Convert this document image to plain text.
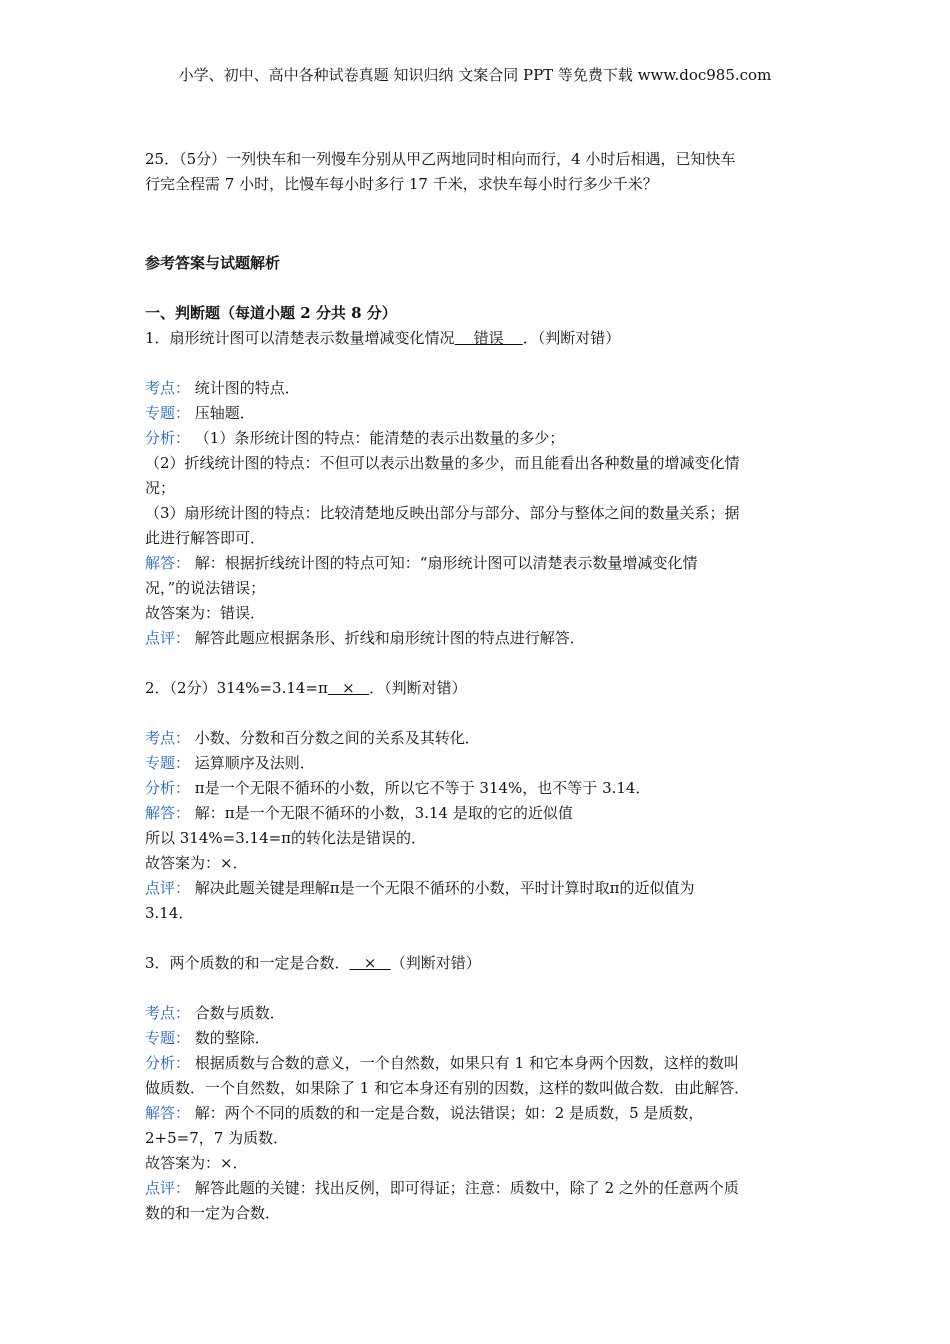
小学、初中、高中各种试卷真题 知识归纳 文案合同 PPT 等免费下载 www.doc985.com

25．（5分）一列快车和一列慢车分别从甲乙两地同时相向而行，4 小时后相遇，已知快车

行完全程需 7 小时，比慢车每小时多行 17 千米，求快车每小时行多少千米？

参考答案与试题解析

一、判断题（每道小题 2 分共 8 分）

1．扇形统计图可以清楚表示数量增减变化情况    错误    ．（判断对错）

考点： 统计图的特点．

专题： 压轴题．

分析： （1）条形统计图的特点：能清楚的表示出数量的多少；

（2）折线统计图的特点：不但可以表示出数量的多少，而且能看出各种数量的增减变化情

况；

（3）扇形统计图的特点：比较清楚地反映出部分与部分、部分与整体之间的数量关系；据

此进行解答即可．

解答： 解：根据折线统计图的特点可知：“扇形统计图可以清楚表示数量增减变化情

况，”的说法错误；

故答案为：错误．

点评： 解答此题应根据条形、折线和扇形统计图的特点进行解答．

2．（2分）314%=3.14=π   ×   ．（判断对错）

考点： 小数、分数和百分数之间的关系及其转化．

专题： 运算顺序及法则．

分析： π是一个无限不循环的小数，所以它不等于 314%，也不等于 3.14．

解答： 解：π是一个无限不循环的小数，3.14 是取的它的近似值

所以 314%=3.14=π的转化法是错误的．

故答案为：×．

点评： 解决此题关键是理解π是一个无限不循环的小数，平时计算时取π的近似值为

3.14．

3．两个质数的和一定是合数．   ×   （判断对错）

考点： 合数与质数．

专题： 数的整除．

分析： 根据质数与合数的意义，一个自然数，如果只有 1 和它本身两个因数，这样的数叫

做质数．一个自然数，如果除了 1 和它本身还有别的因数，这样的数叫做合数．由此解答．

解答： 解：两个不同的质数的和一定是合数，说法错误；如：2 是质数，5 是质数，

2+5=7，7 为质数．

故答案为：×．

点评： 解答此题的关键：找出反例，即可得证；注意：质数中，除了 2 之外的任意两个质

数的和一定为合数．
